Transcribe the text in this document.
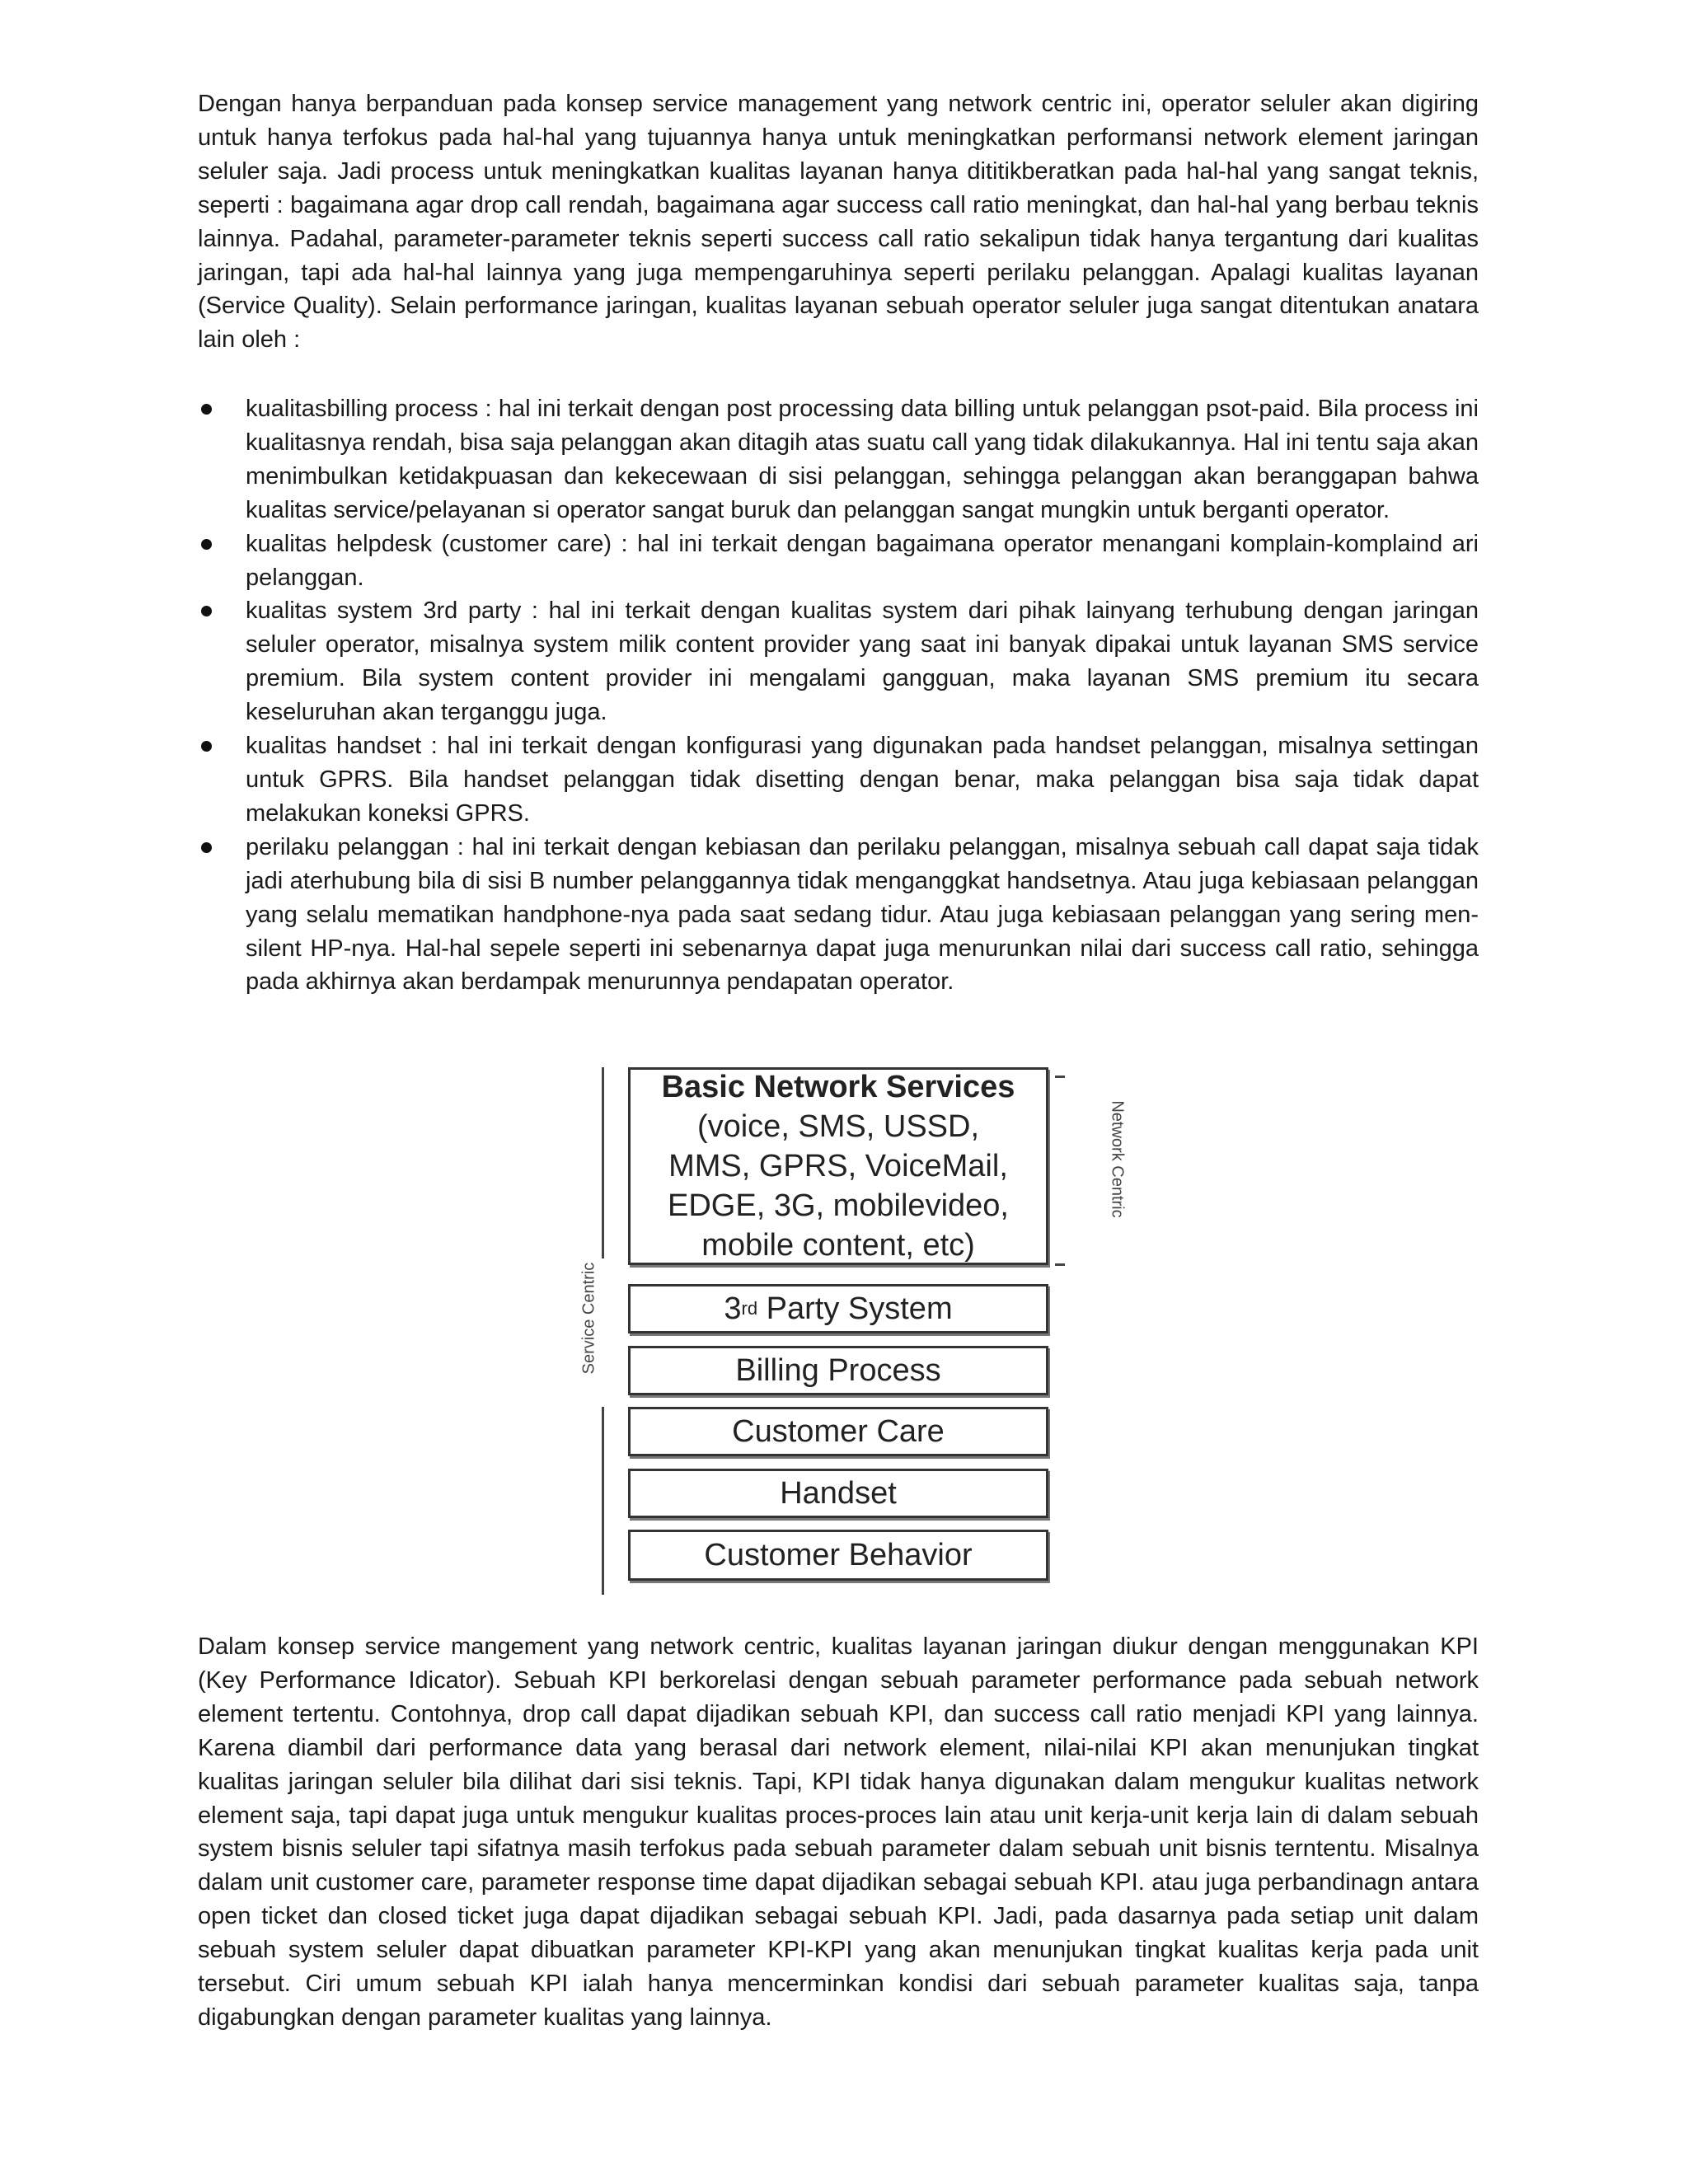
Dengan hanya berpanduan pada konsep service management yang network centric ini, operator seluler akan digiring untuk hanya terfokus pada hal-hal yang tujuannya hanya untuk meningkatkan performansi network element jaringan seluler saja. Jadi process untuk meningkatkan kualitas layanan hanya dititikberatkan pada hal-hal yang sangat teknis, seperti : bagaimana agar drop call rendah, bagaimana agar success call ratio meningkat, dan hal-hal yang berbau teknis lainnya. Padahal, parameter-parameter teknis seperti success call ratio sekalipun tidak hanya tergantung dari kualitas jaringan, tapi ada hal-hal lainnya yang juga mempengaruhinya seperti perilaku pelanggan. Apalagi kualitas layanan (Service Quality). Selain performance jaringan, kualitas layanan sebuah operator seluler juga sangat ditentukan anatara lain oleh :

kualitasbilling process : hal ini terkait dengan post processing data billing untuk pelanggan psot-paid. Bila process ini kualitasnya rendah, bisa saja pelanggan akan ditagih atas suatu call yang tidak dilakukannya. Hal ini tentu saja akan menimbulkan ketidakpuasan dan kekecewaan di sisi pelanggan, sehingga pelanggan akan beranggapan bahwa kualitas service/pelayanan si operator sangat buruk dan pelanggan sangat mungkin untuk berganti operator.
kualitas helpdesk (customer care) : hal ini terkait dengan bagaimana operator menangani komplain-komplaind ari pelanggan.
kualitas system 3rd party : hal ini terkait dengan kualitas system dari pihak lainyang terhubung dengan jaringan seluler operator, misalnya system milik content provider yang saat ini banyak dipakai untuk layanan SMS service premium. Bila system content provider ini mengalami gangguan, maka layanan SMS premium itu secara keseluruhan akan terganggu juga.
kualitas handset : hal ini terkait dengan konfigurasi yang digunakan pada handset pelanggan, misalnya settingan untuk GPRS. Bila handset pelanggan tidak disetting dengan benar, maka pelanggan bisa saja tidak dapat melakukan koneksi GPRS.
perilaku pelanggan : hal ini terkait dengan kebiasan dan perilaku pelanggan, misalnya sebuah call dapat saja tidak jadi aterhubung bila di sisi B number pelanggannya tidak menganggkat handsetnya. Atau juga kebiasaan pelanggan yang selalu mematikan handphone-nya pada saat sedang tidur. Atau juga kebiasaan pelanggan yang sering men-silent HP-nya. Hal-hal sepele seperti ini sebenarnya dapat juga menurunkan nilai dari success call ratio, sehingga pada akhirnya akan berdampak menurunnya pendapatan operator.
Service Centric
Network Centric
Basic Network Services
(voice, SMS, USSD,
MMS, GPRS, VoiceMail,
EDGE, 3G, mobilevideo,
mobile content, etc)
3 rd Party System
Billing Process
Customer Care
Handset
Customer Behavior

Dalam konsep service mangement yang network centric, kualitas layanan jaringan diukur dengan menggunakan KPI (Key Performance Idicator). Sebuah KPI berkorelasi dengan sebuah parameter performance pada sebuah network element tertentu. Contohnya, drop call dapat dijadikan sebuah KPI, dan success call ratio menjadi KPI yang lainnya. Karena diambil dari performance data yang berasal dari network element, nilai-nilai KPI akan menunjukan tingkat kualitas jaringan seluler bila dilihat dari sisi teknis. Tapi, KPI tidak hanya digunakan dalam mengukur kualitas network element saja, tapi dapat juga untuk mengukur kualitas proces-proces lain atau unit kerja-unit kerja lain di dalam sebuah system bisnis seluler tapi sifatnya masih terfokus pada sebuah parameter dalam sebuah unit bisnis terntentu. Misalnya dalam unit customer care, parameter response time dapat dijadikan sebagai sebuah KPI. atau juga perbandinagn antara open ticket dan closed ticket juga dapat dijadikan sebagai sebuah KPI. Jadi, pada dasarnya pada setiap unit dalam sebuah system seluler dapat dibuatkan parameter KPI-KPI yang akan menunjukan tingkat kualitas kerja pada unit tersebut. Ciri umum sebuah KPI ialah hanya mencerminkan kondisi dari sebuah parameter kualitas saja, tanpa digabungkan dengan parameter kualitas yang lainnya.
